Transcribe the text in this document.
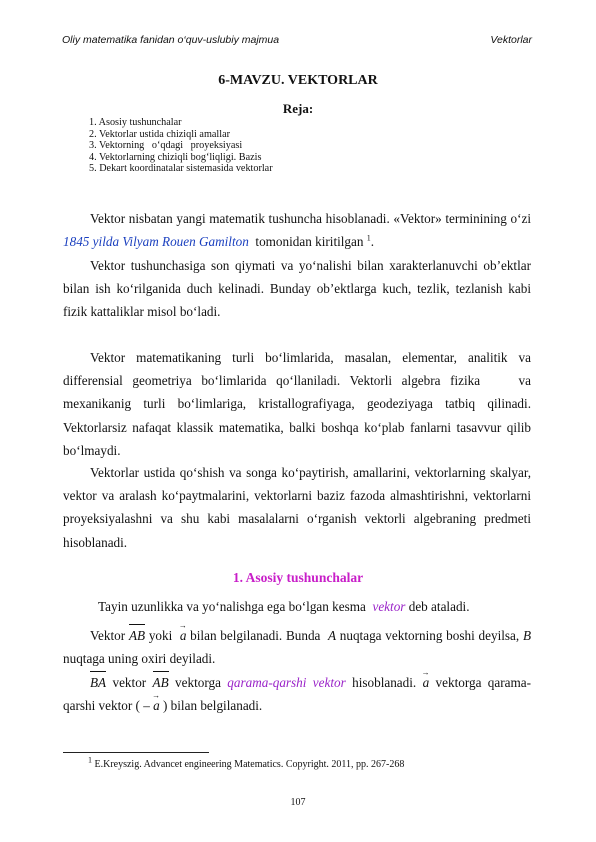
Oliy matematika fanidan o‘quv-uslubiy majmua	Vektorlar
6-MAVZU. VEKTORLAR
Reja:
1. Asosiy tushunchalar
2. Vektorlar ustida chiziqli amallar
3. Vektorning   o‘qdagi   proyeksiyasi
4. Vektorlarning chiziqli bog‘liqligi. Bazis
5. Dekart koordinatalar sistemasida vektorlar

Vektor nisbatan yangi matematik tushuncha hisoblanadi. «Vektor» terminining o‘zi 1845 yilda Vilyam Rouen Gamilton  tomonidan kiritilgan $^1$.

Vektor tushunchasiga son qiymati va yo‘nalishi bilan xarakterlanuvchi ob’ektlar bilan ish ko‘rilganida duch kelinadi. Bunday ob’ektlarga kuch, tezlik, tezlanish kabi fizik kattaliklar misol bo‘ladi.

Vektor matematikaning turli bo‘limlarida, masalan, elementar, analitik va differensial geometriya bo‘limlarida qo‘llaniladi. Vektorli algebra fizika    va mexanikanig turli bo‘limlariga, kristallografiyaga, geodeziyaga tatbiq qilinadi. Vektorlarsiz nafaqat klassik matematika, balki boshqa ko‘plab fanlarni tasavvur qilib bo‘lmaydi.

Vektorlar ustida qo‘shish va songa ko‘paytirish, amallarini, vektorlarning skalyar, vektor va aralash ko‘paytmalarini, vektorlarni baziz fazoda almashtirishni, vektorlarni proyeksiyalashni va shu kabi masalalarni o‘rganish vektorli algebraning predmeti hisoblanadi.

1. Asosiy tushunchalar

Tayin uzunlikka va yo‘nalishga ega bo‘lgan kesma  vektor deb ataladi.

Vektor AB yoki  → a bilan belgilanadi. Bunda  A nuqtaga vektorning boshi deyilsa, B nuqtaga uning oxiri deyiladi.

BA vektor AB vektorga qarama-qarshi vektor hisoblanadi. → a vektorga qarama-qarshi vektor ( – → a ) bilan belgilanadi.

$^1$ E.Kreyszig. Advancet engineering Matematics. Copyright. 2011, pp. 267-268
107
